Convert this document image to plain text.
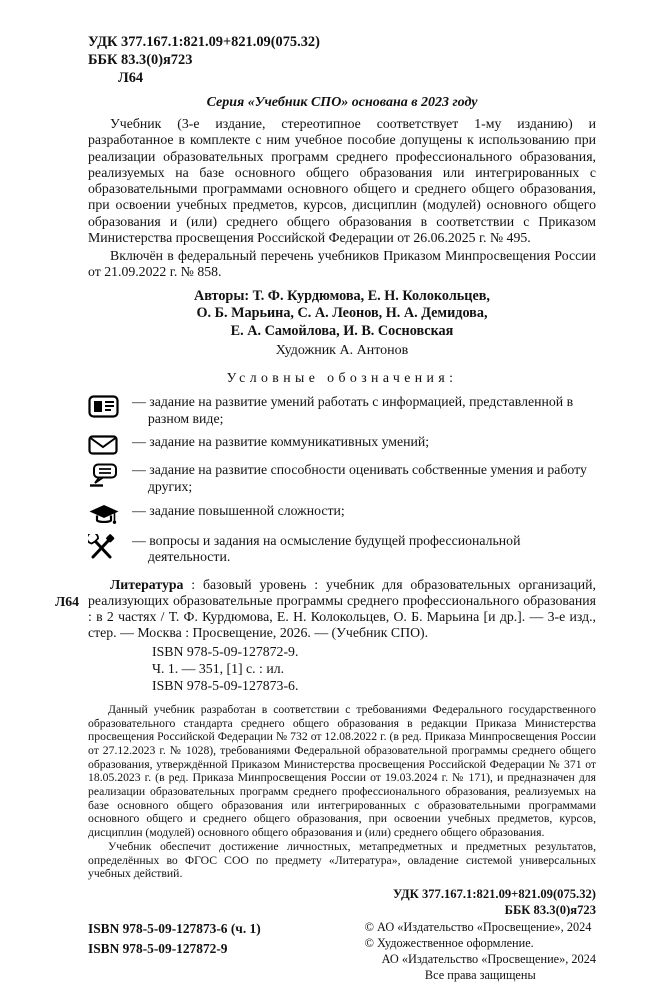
УДК 377.167.1:821.09+821.09(075.32)
ББК 83.3(0)я723
Л64
Серия «Учебник СПО» основана в 2023 году

Учебник (3-е издание, стереотипное соответствует 1-му изданию) и разработанное в комплекте с ним учебное пособие допущены к использованию при реализации образовательных программ среднего профессионального образования, реализуемых на базе основного общего образования или интегрированных с образовательными программами основного общего и среднего общего образования, при освоении учебных предметов, курсов, дисциплин (модулей) основного общего образования и (или) среднего общего образования в соответствии с Приказом Министерства просвещения Российской Федерации от 26.06.2025 г. № 495.

Включён в федеральный перечень учебников Приказом Минпросвещения России от 21.09.2022 г. № 858.

Авторы: Т. Ф. Курдюмова, Е. Н. Колокольцев,
О. Б. Марьина, С. А. Леонов, Н. А. Демидова,
Е. А. Самойлова, И. В. Сосновская
Художник А. Антонов
Условные обозначения:
— задание на развитие умений работать с информацией, представленной в разном виде;
— задание на развитие коммуникативных умений;
— задание на развитие способности оценивать собственные умения и работу других;
— задание повышенной сложности;
— вопросы и задания на осмысление будущей профессиональной деятельности.
Л64

Литература : базовый уровень : учебник для образовательных организаций, реализующих образовательные программы среднего профессионального образования : в 2 частях / Т. Ф. Курдюмова, Е. Н. Колокольцев, О. Б. Марьина [и др.]. — 3-е изд., стер. — Москва : Просвещение, 2026. — (Учебник СПО).

ISBN 978-5-09-127872-9.
Ч. 1. — 351, [1] с. : ил.
ISBN 978-5-09-127873-6.

Данный учебник разработан в соответствии с требованиями Федерального государственного образовательного стандарта среднего общего образования в редакции Приказа Министерства просвещения Российской Федерации № 732 от 12.08.2022 г. (в ред. Приказа Минпросвещения России от 27.12.2023 г. № 1028), требованиями Федеральной образовательной программы среднего общего образования, утверждённой Приказом Министерства просвещения Российской Федерации № 371 от 18.05.2023 г. (в ред. Приказа Минпросвещения России от 19.03.2024 г. № 171), и предназначен для реализации образовательных программ среднего профессионального образования, реализуемых на базе основного общего образования или интегрированных с образовательными программами основного общего и среднего общего образования, при освоении учебных предметов, курсов, дисциплин (модулей) основного общего образования и (или) среднего общего образования.

Учебник обеспечит достижение личностных, метапредметных и предметных результатов, определённых во ФГОС СОО по предмету «Литература», овладение системой универсальных учебных действий.

УДК 377.167.1:821.09+821.09(075.32)
ББК 83.3(0)я723
ISBN 978-5-09-127873-6 (ч. 1)
ISBN 978-5-09-127872-9
© АО «Издательство «Просвещение», 2024
© Художественное оформление.
АО «Издательство «Просвещение», 2024
Все права защищены
